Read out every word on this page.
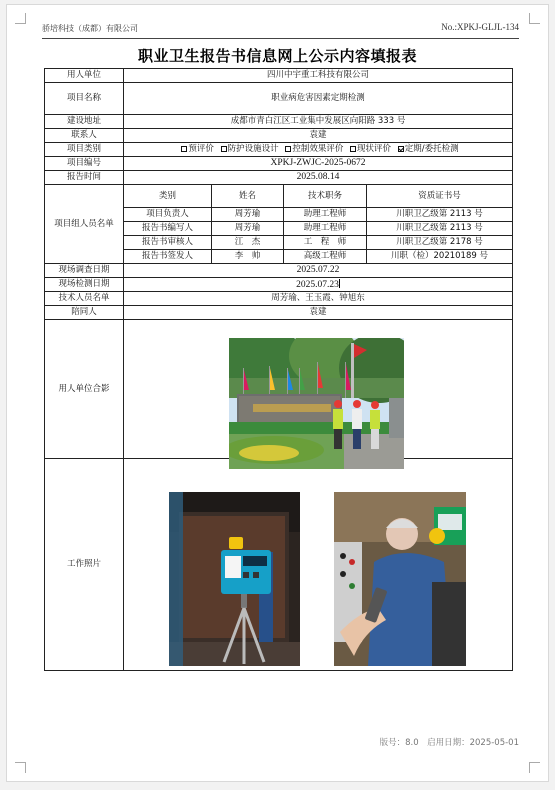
骄培科技（成都）有限公司	No.:XPKJ-GLJL-134
职业卫生报告书信息网上公示内容填报表
用人单位	四川中宇重工科技有限公司			
项目名称	职业病危害因素定期检测			
建设地址	成都市青白江区工业集中发展区向阳路 333 号			
联系人	袁建			
项目类别	预评价 防护设施设计 控制效果评价 现状评价 定期/委托检测			
项目编号	XPKJ-ZWJC-2025-0672			
报告时间	2025.08.14			
项目组人员名单	类别	姓名	技术职务	资质证书号
	项目负责人	周芳瑜	助理工程师	川职卫乙级第 2113 号
	报告书编写人	周芳瑜	助理工程师	川职卫乙级第 2113 号
	报告书审核人	江　杰	工　程　师	川职卫乙级第 2178 号
	报告书签发人	李　帅	高级工程师	川职（检）20210189 号
现场调查日期	2025.07.22			
现场检测日期	2025.07.23			
技术人员名单	周芳瑜、王玉霞、钟旭东			
陪同人	袁建			
用人单位合影				
工作照片				
版号：8.0　启用日期：2025-05-01
